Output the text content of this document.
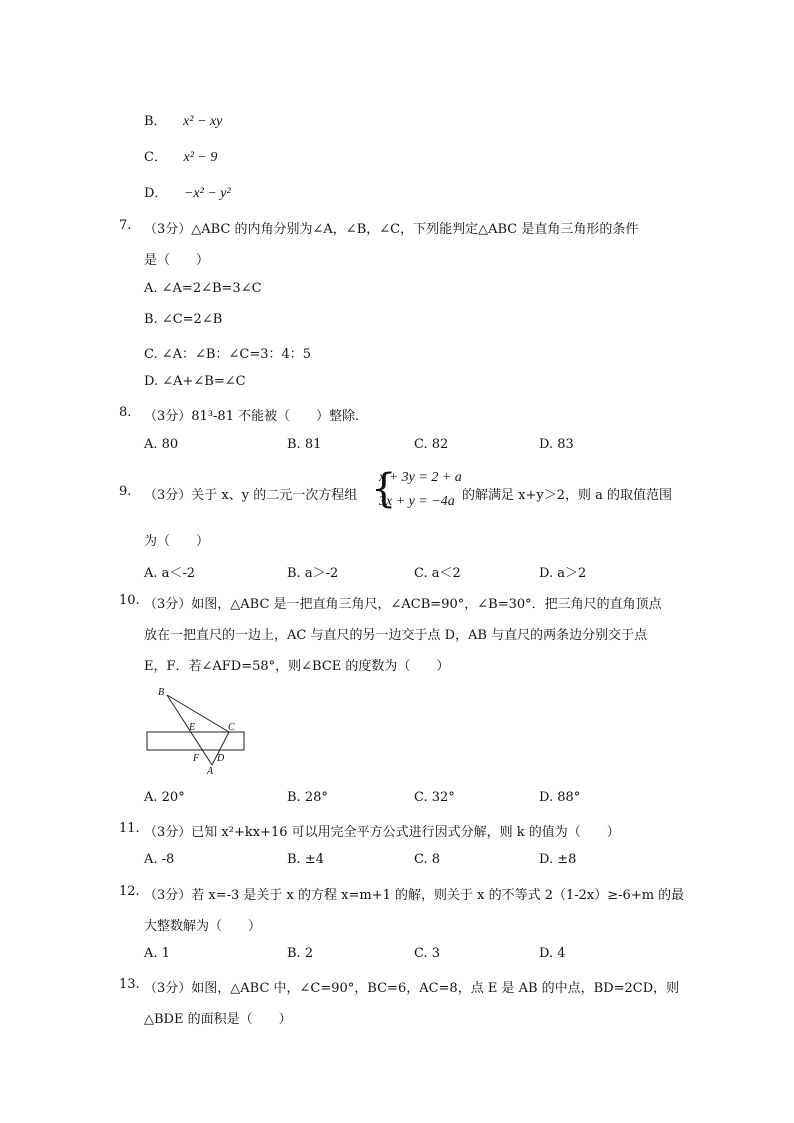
B． x² − xy
C． x² − 9
D． −x² − y²
7. （3分）△ABC 的内角分别为∠A，∠B，∠C，下列能判定△ABC 是直角三角形的条件
是（　　）
A. ∠A=2∠B=3∠C
B. ∠C=2∠B
C. ∠A：∠B：∠C=3：4：5
D. ∠A+∠B=∠C
8. （3分）81³-81 不能被（　　）整除．
A. 80	B. 81	C. 82	D. 83
9. （3分）关于 x、y 的二元一次方程组 {
x + 3y = 2 + a
3x + y = −4a 的解满足 x+y＞2，则 a 的取值范围
为（　　）
A. a＜-2	B. a＞-2	C. a＜2	D. a＞2
10. （3分）如图，△ABC 是一把直角三角尺，∠ACB=90°，∠B=30°．把三角尺的直角顶点
放在一把直尺的一边上，AC 与直尺的另一边交于点 D，AB 与直尺的两条边分别交于点
E，F．若∠AFD=58°，则∠BCE 的度数为（　　）
B
E	C
F D
A
A. 20°	B. 28°	C. 32°	D. 88°
11. （3分）已知 x²+kx+16 可以用完全平方公式进行因式分解，则 k 的值为（　　）
A. -8	B. ±4	C. 8	D. ±8
12. （3分）若 x=-3 是关于 x 的方程 x=m+1 的解，则关于 x 的不等式 2（1-2x）≥-6+m 的最
大整数解为（　　）
A. 1	B. 2	C. 3	D. 4
13. （3分）如图，△ABC 中，∠C=90°，BC=6，AC=8，点 E 是 AB 的中点，BD=2CD，则
△BDE 的面积是（　　）
